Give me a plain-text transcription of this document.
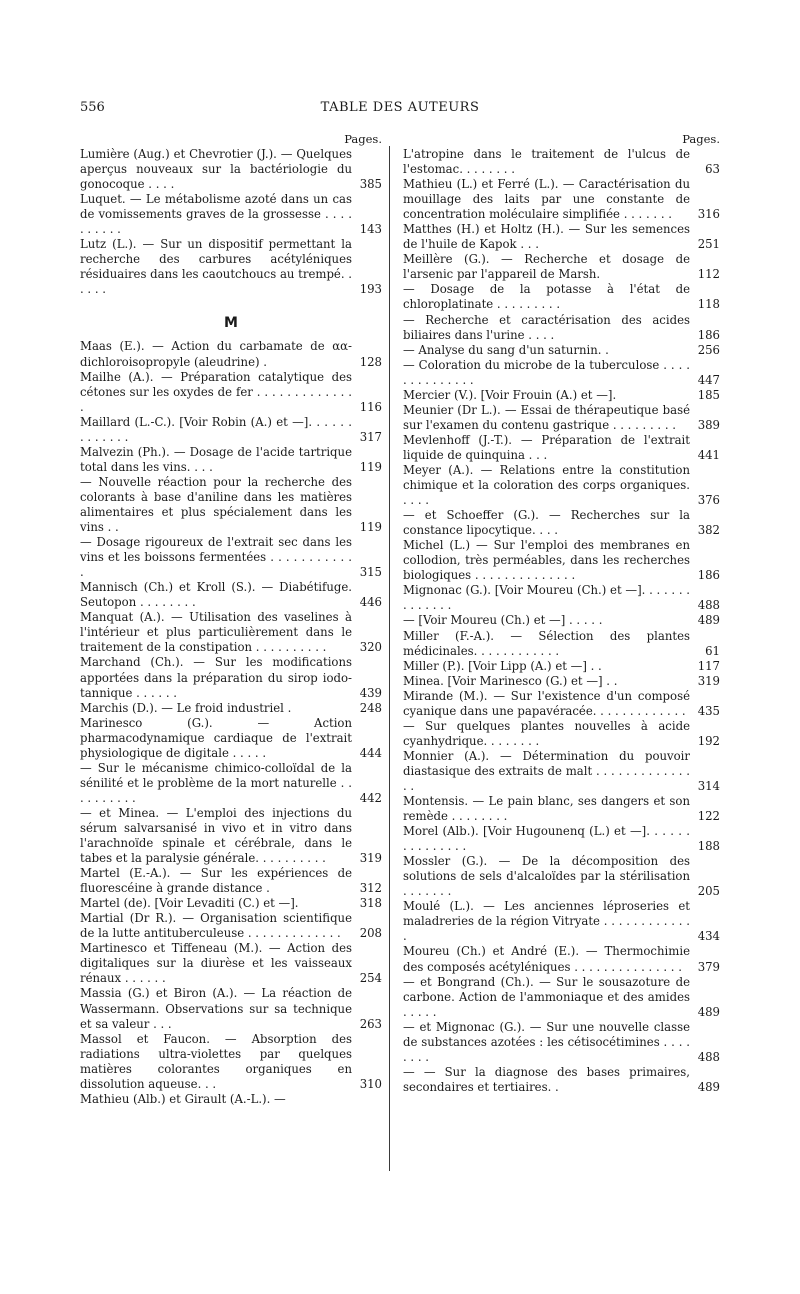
556	TABLE DES AUTEURS
Pages.
Lumière (Aug.) et Chevrotier (J.). — Quelques aperçus nouveaux sur la bactériologie du gonocoque . . . .	385
Luquet. — Le métabolisme azoté dans un cas de vomissements graves de la grossesse . . . . . . . . . .	143
Lutz (L.). — Sur un dispositif permettant la recherche des carbures acétyléniques résiduaires dans les caoutchoucs au trempé. . . . . .	193
M
Maas (E.). — Action du carbamate de αα-dichloroisopropyle (aleudrine) .	128
Mailhe (A.). — Préparation catalytique des cétones sur les oxydes de fer . . . . . . . . . . . . . .	116
Maillard (L.-C.). [Voir Robin (A.) et —]. . . . . . . . . . . . .	317
Malvezin (Ph.). — Dosage de l'acide tartrique total dans les vins. . . .	119
— Nouvelle réaction pour la recherche des colorants à base d'aniline dans les matières alimentaires et plus spécialement dans les vins . .	119
— Dosage rigoureux de l'extrait sec dans les vins et les boissons fermentées . . . . . . . . . . . .	315
Mannisch (Ch.) et Kroll (S.). — Diabétifuge. Seutopon . . . . . . . .	446
Manquat (A.). — Utilisation des vaselines à l'intérieur et plus particulièrement dans le traitement de la constipation . . . . . . . . . .	320
Marchand (Ch.). — Sur les modifications apportées dans la préparation du sirop iodo-tannique . . . . . .	439
Marchis (D.). — Le froid industriel .	248
Marinesco (G.). — Action pharmacodynamique cardiaque de l'extrait physiologique de digitale . . . . .	444
— Sur le mécanisme chimico-colloïdal de la sénilité et le problème de la mort naturelle . . . . . . . . . .	442
— et Minea. — L'emploi des injections du sérum salvarsanisé in vivo et in vitro dans l'arachnoïde spinale et cérébrale, dans le tabes et la paralysie générale. . . . . . . . . .	319
Martel (E.-A.). — Sur les expériences de fluorescéine à grande distance .	312
Martel (de). [Voir Levaditi (C.) et —].	318
Martial (Dr R.). — Organisation scientifique de la lutte antituberculeuse . . . . . . . . . . . . .	208
Martinesco et Tiffeneau (M.). — Action des digitaliques sur la diurèse et les vaisseaux rénaux . . . . . .	254
Massia (G.) et Biron (A.). — La réaction de Wassermann. Observations sur sa technique et sa valeur . . .	263
Massol et Faucon. — Absorption des radiations ultra-violettes par quelques matières colorantes organiques en dissolution aqueuse. . .	310
Mathieu (Alb.) et Girault (A.-L.). —
Pages.
L'atropine dans le traitement de l'ulcus de l'estomac. . . . . . . .	63
Mathieu (L.) et Ferré (L.). — Caractérisation du mouillage des laits par une constante de concentration moléculaire simplifiée . . . . . . .	316
Matthes (H.) et Holtz (H.). — Sur les semences de l'huile de Kapok . . .	251
Meillère (G.). — Recherche et dosage de l'arsenic par l'appareil de Marsh.	112
— Dosage de la potasse à l'état de chloroplatinate . . . . . . . . .	118
— Recherche et caractérisation des acides biliaires dans l'urine . . . .	186
— Analyse du sang d'un saturnin. .	256
— Coloration du microbe de la tuberculose . . . . . . . . . . . . . .	447
Mercier (V.). [Voir Frouin (A.) et —].	185
Meunier (Dr L.). — Essai de thérapeutique basé sur l'examen du contenu gastrique . . . . . . . . .	389
Mevlenhoff (J.-T.). — Préparation de l'extrait liquide de quinquina . . .	441
Meyer (A.). — Relations entre la constitution chimique et la coloration des corps organiques. . . . .	376
— et Schoeffer (G.). — Recherches sur la constance lipocytique. . . .	382
Michel (L.) — Sur l'emploi des membranes en collodion, très perméables, dans les recherches biologiques . . . . . . . . . . . . . .	186
Mignonac (G.). [Voir Moureu (Ch.) et —]. . . . . . . . . . . . . .	488
— [Voir Moureu (Ch.) et —] . . . . .	489
Miller (F.-A.). — Sélection des plantes médicinales. . . . . . . . . . . .	61
Miller (P.). [Voir Lipp (A.) et —] . .	117
Minea. [Voir Marinesco (G.) et —] . .	319
Mirande (M.). — Sur l'existence d'un composé cyanique dans une papavéracée. . . . . . . . . . . . .	435
— Sur quelques plantes nouvelles à acide cyanhydrique. . . . . . . .	192
Monnier (A.). — Détermination du pouvoir diastasique des extraits de malt . . . . . . . . . . . . . . .	314
Montensis. — Le pain blanc, ses dangers et son remède . . . . . . . .	122
Morel (Alb.). [Voir Hugounenq (L.) et —]. . . . . . . . . . . . . . .	188
Mossler (G.). — De la décomposition des solutions de sels d'alcaloïdes par la stérilisation . . . . . . .	205
Moulé (L.). — Les anciennes léproseries et maladreries de la région Vitryate . . . . . . . . . . . . .	434
Moureu (Ch.) et André (E.). — Thermochimie des composés acétyléniques . . . . . . . . . . . . . . .	379
— et Bongrand (Ch.). — Sur le sousazoture de carbone. Action de l'ammoniaque et des amides . . . . .	489
— et Mignonac (G.). — Sur une nouvelle classe de substances azotées : les cétisocétimines . . . . . . . .	488
— — Sur la diagnose des bases primaires, secondaires et tertiaires. .	489
